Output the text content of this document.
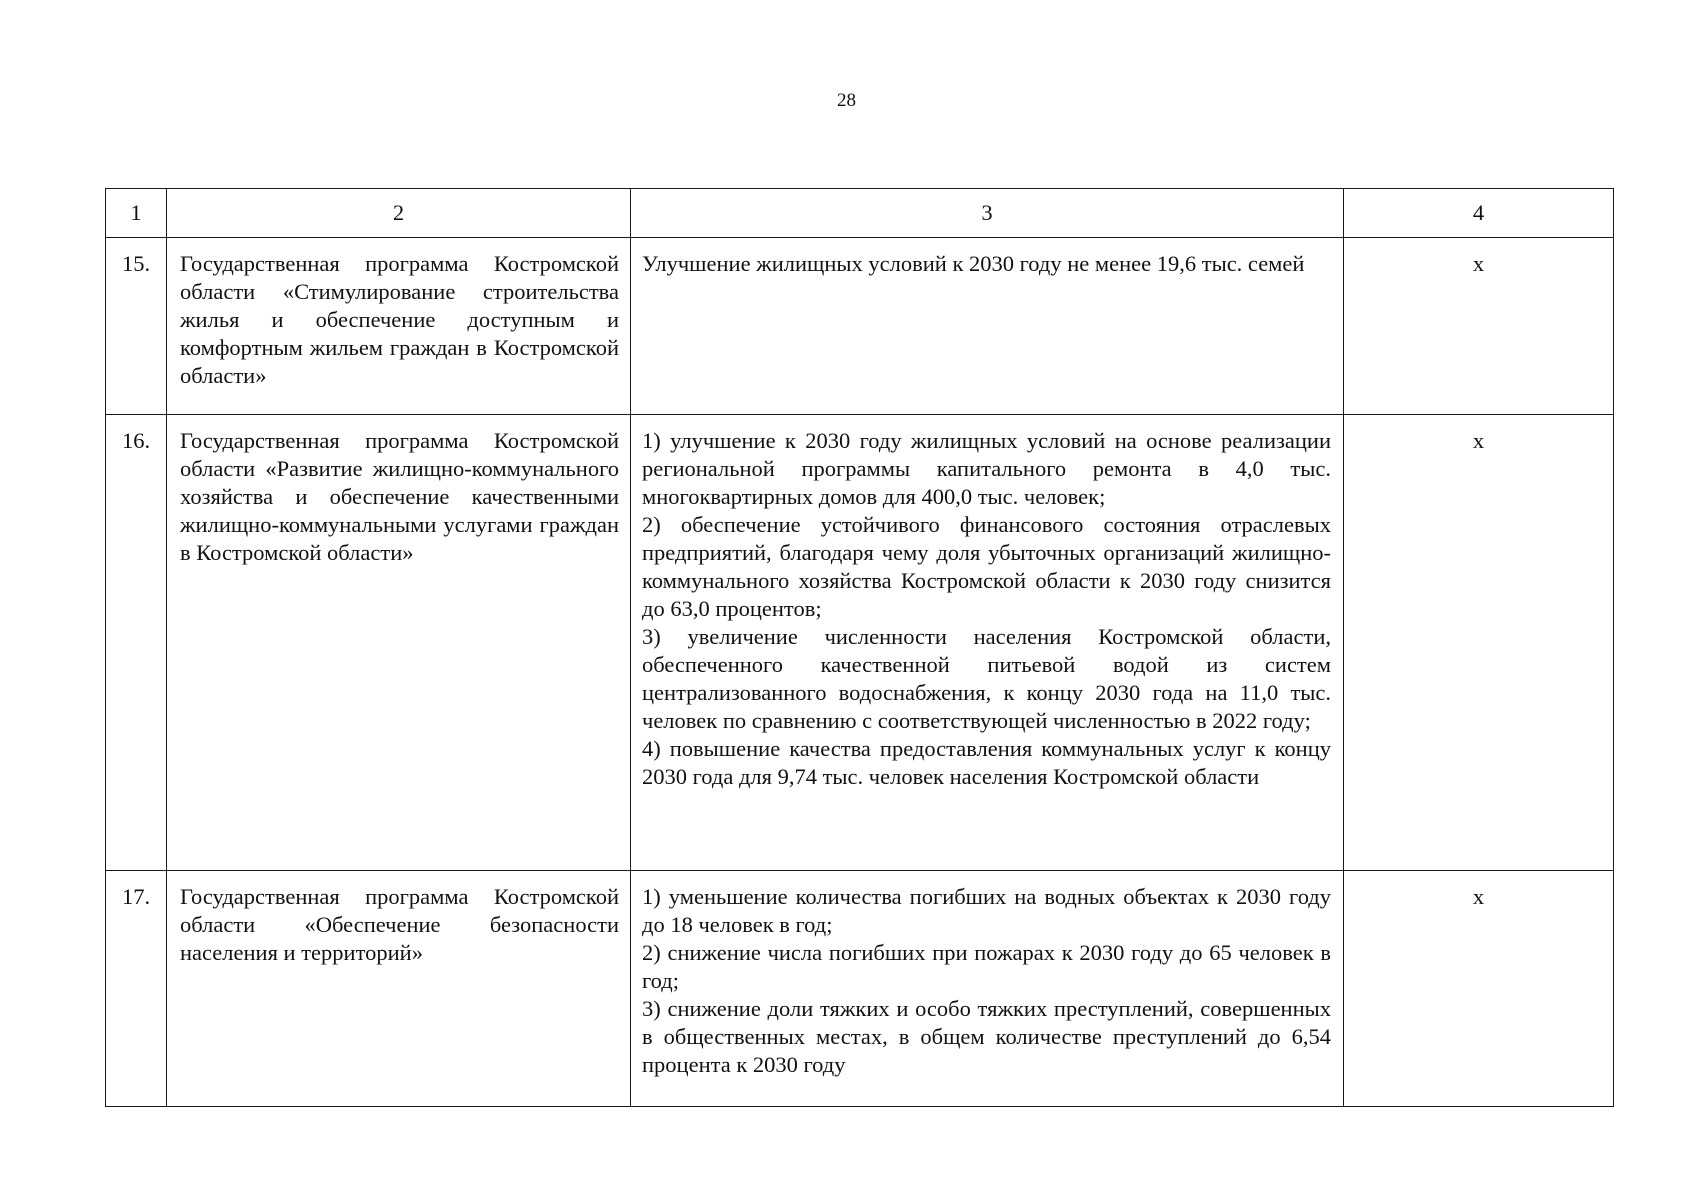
28
1	2	3	4
15.	Государственная программа Костромской области «Стимулирование строительства жилья и обеспечение доступным и комфортным жильем граждан в Костромской области»	Улучшение жилищных условий к 2030 году не менее 19,6 тыс. семей	х
16.	Государственная программа Костромской области «Развитие жилищно-коммунального хозяйства и обеспечение качественными жилищно-коммунальными услугами граждан в Костромской области»	1) улучшение к 2030 году жилищных условий на основе реализации региональной программы капитального ремонта в 4,0 тыс. многоквартирных домов для 400,0 тыс. человек;
2) обеспечение устойчивого финансового состояния отраслевых предприятий, благодаря чему доля убыточных организаций жилищно-коммунального хозяйства Костромской области к 2030 году снизится до 63,0 процентов;
3) увеличение численности населения Костромской области, обеспеченного качественной питьевой водой из систем централизованного водоснабжения, к концу 2030 года на 11,0 тыс. человек по сравнению с соответствующей численностью в 2022 году;
4) повышение качества предоставления коммунальных услуг к концу 2030 года для 9,74 тыс. человек населения Костромской области	х
17.	Государственная программа Костромской области «Обеспечение безопасности населения и территорий»	1) уменьшение количества погибших на водных объектах к 2030 году до 18 человек в год;
2) снижение числа погибших при пожарах к 2030 году до 65 человек в год;
3) снижение доли тяжких и особо тяжких преступлений, совершенных в общественных местах, в общем количестве преступлений до 6,54 процента к 2030 году	х
